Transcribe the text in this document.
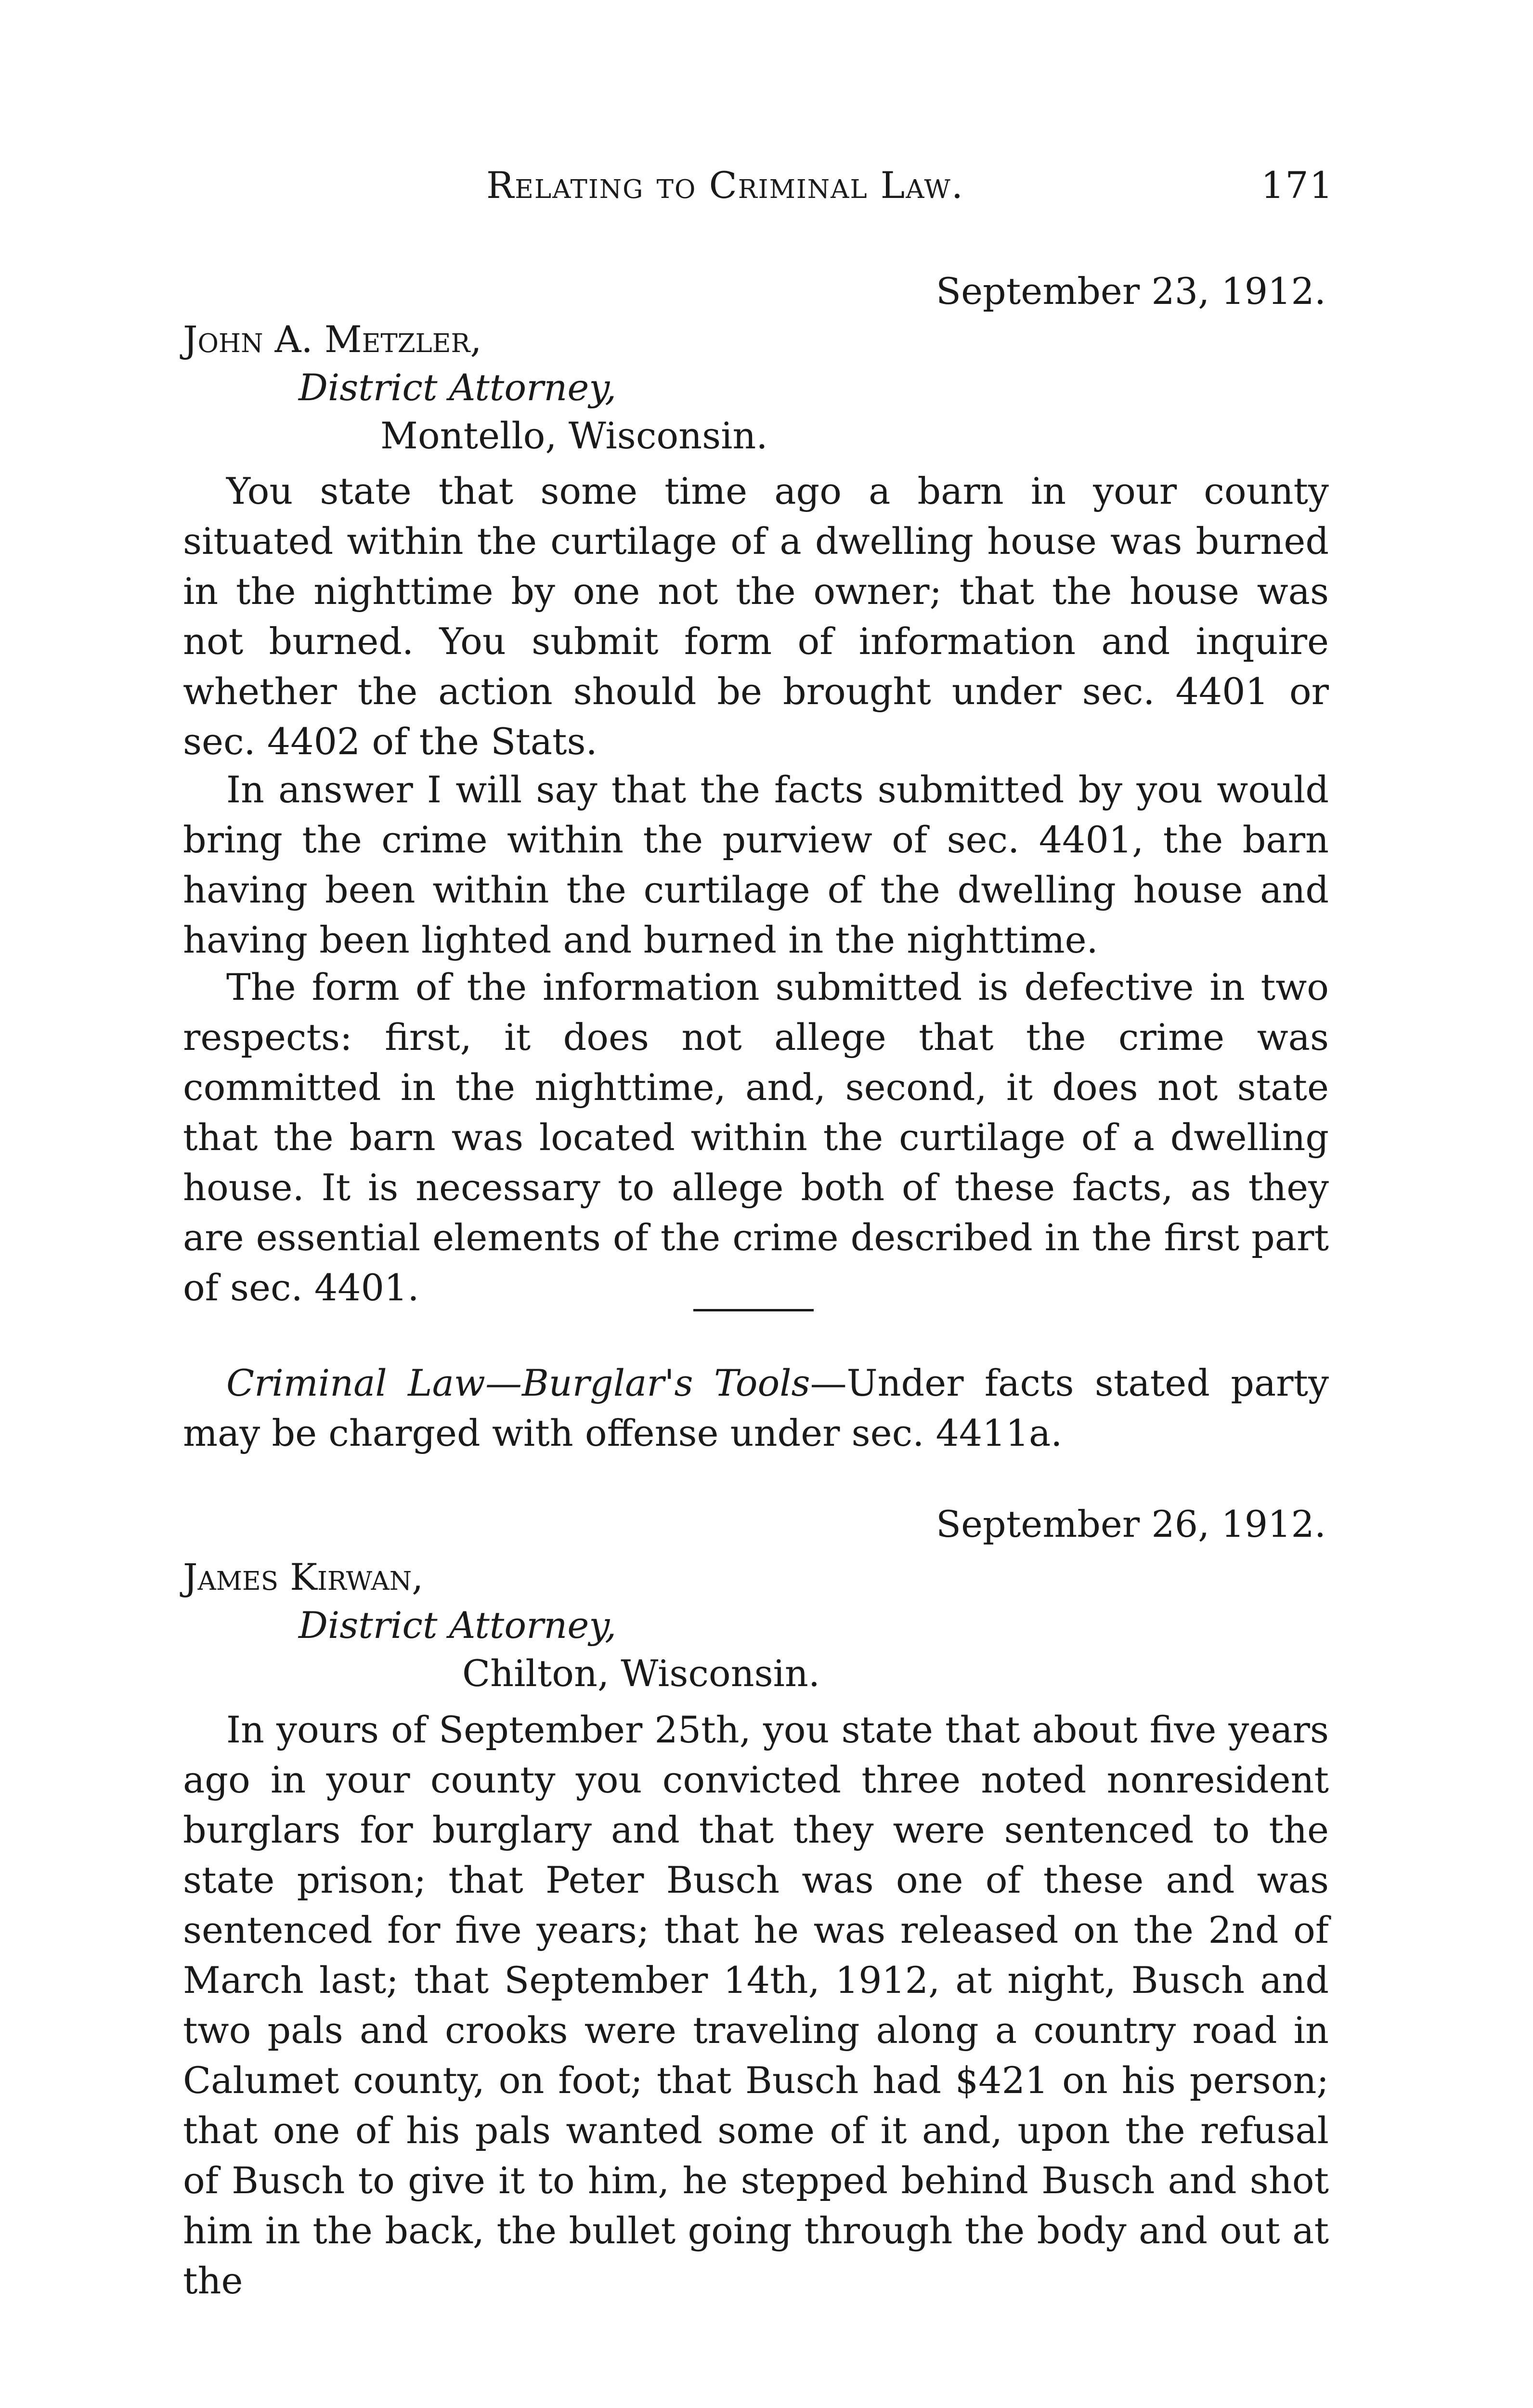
Relating to Criminal Law.	171
September 23, 1912.
John A. Metzler,
District Attorney,
Montello, Wisconsin.

You state that some time ago a barn in your county situated within the curtilage of a dwelling house was burned in the nighttime by one not the owner; that the house was not burned. You submit form of information and inquire whether the action should be brought under sec. 4401 or sec. 4402 of the Stats.

In answer I will say that the facts submitted by you would bring the crime within the purview of sec. 4401, the barn having been within the curtilage of the dwelling house and having been lighted and burned in the nighttime.

The form of the information submitted is defective in two respects: first, it does not allege that the crime was committed in the nighttime, and, second, it does not state that the barn was located within the curtilage of a dwelling house. It is necessary to allege both of these facts, as they are essential elements of the crime described in the first part of sec. 4401.

Criminal Law—Burglar's Tools—Under facts stated party may be charged with offense under sec. 4411a.

September 26, 1912.
James Kirwan,
District Attorney,
Chilton, Wisconsin.

In yours of September 25th, you state that about five years ago in your county you convicted three noted nonresident burglars for burglary and that they were sentenced to the state prison; that Peter Busch was one of these and was sentenced for five years; that he was released on the 2nd of March last; that September 14th, 1912, at night, Busch and two pals and crooks were traveling along a country road in Calumet county, on foot; that Busch had $421 on his person; that one of his pals wanted some of it and, upon the refusal of Busch to give it to him, he stepped behind Busch and shot him in the back, the bullet going through the body and out at the
